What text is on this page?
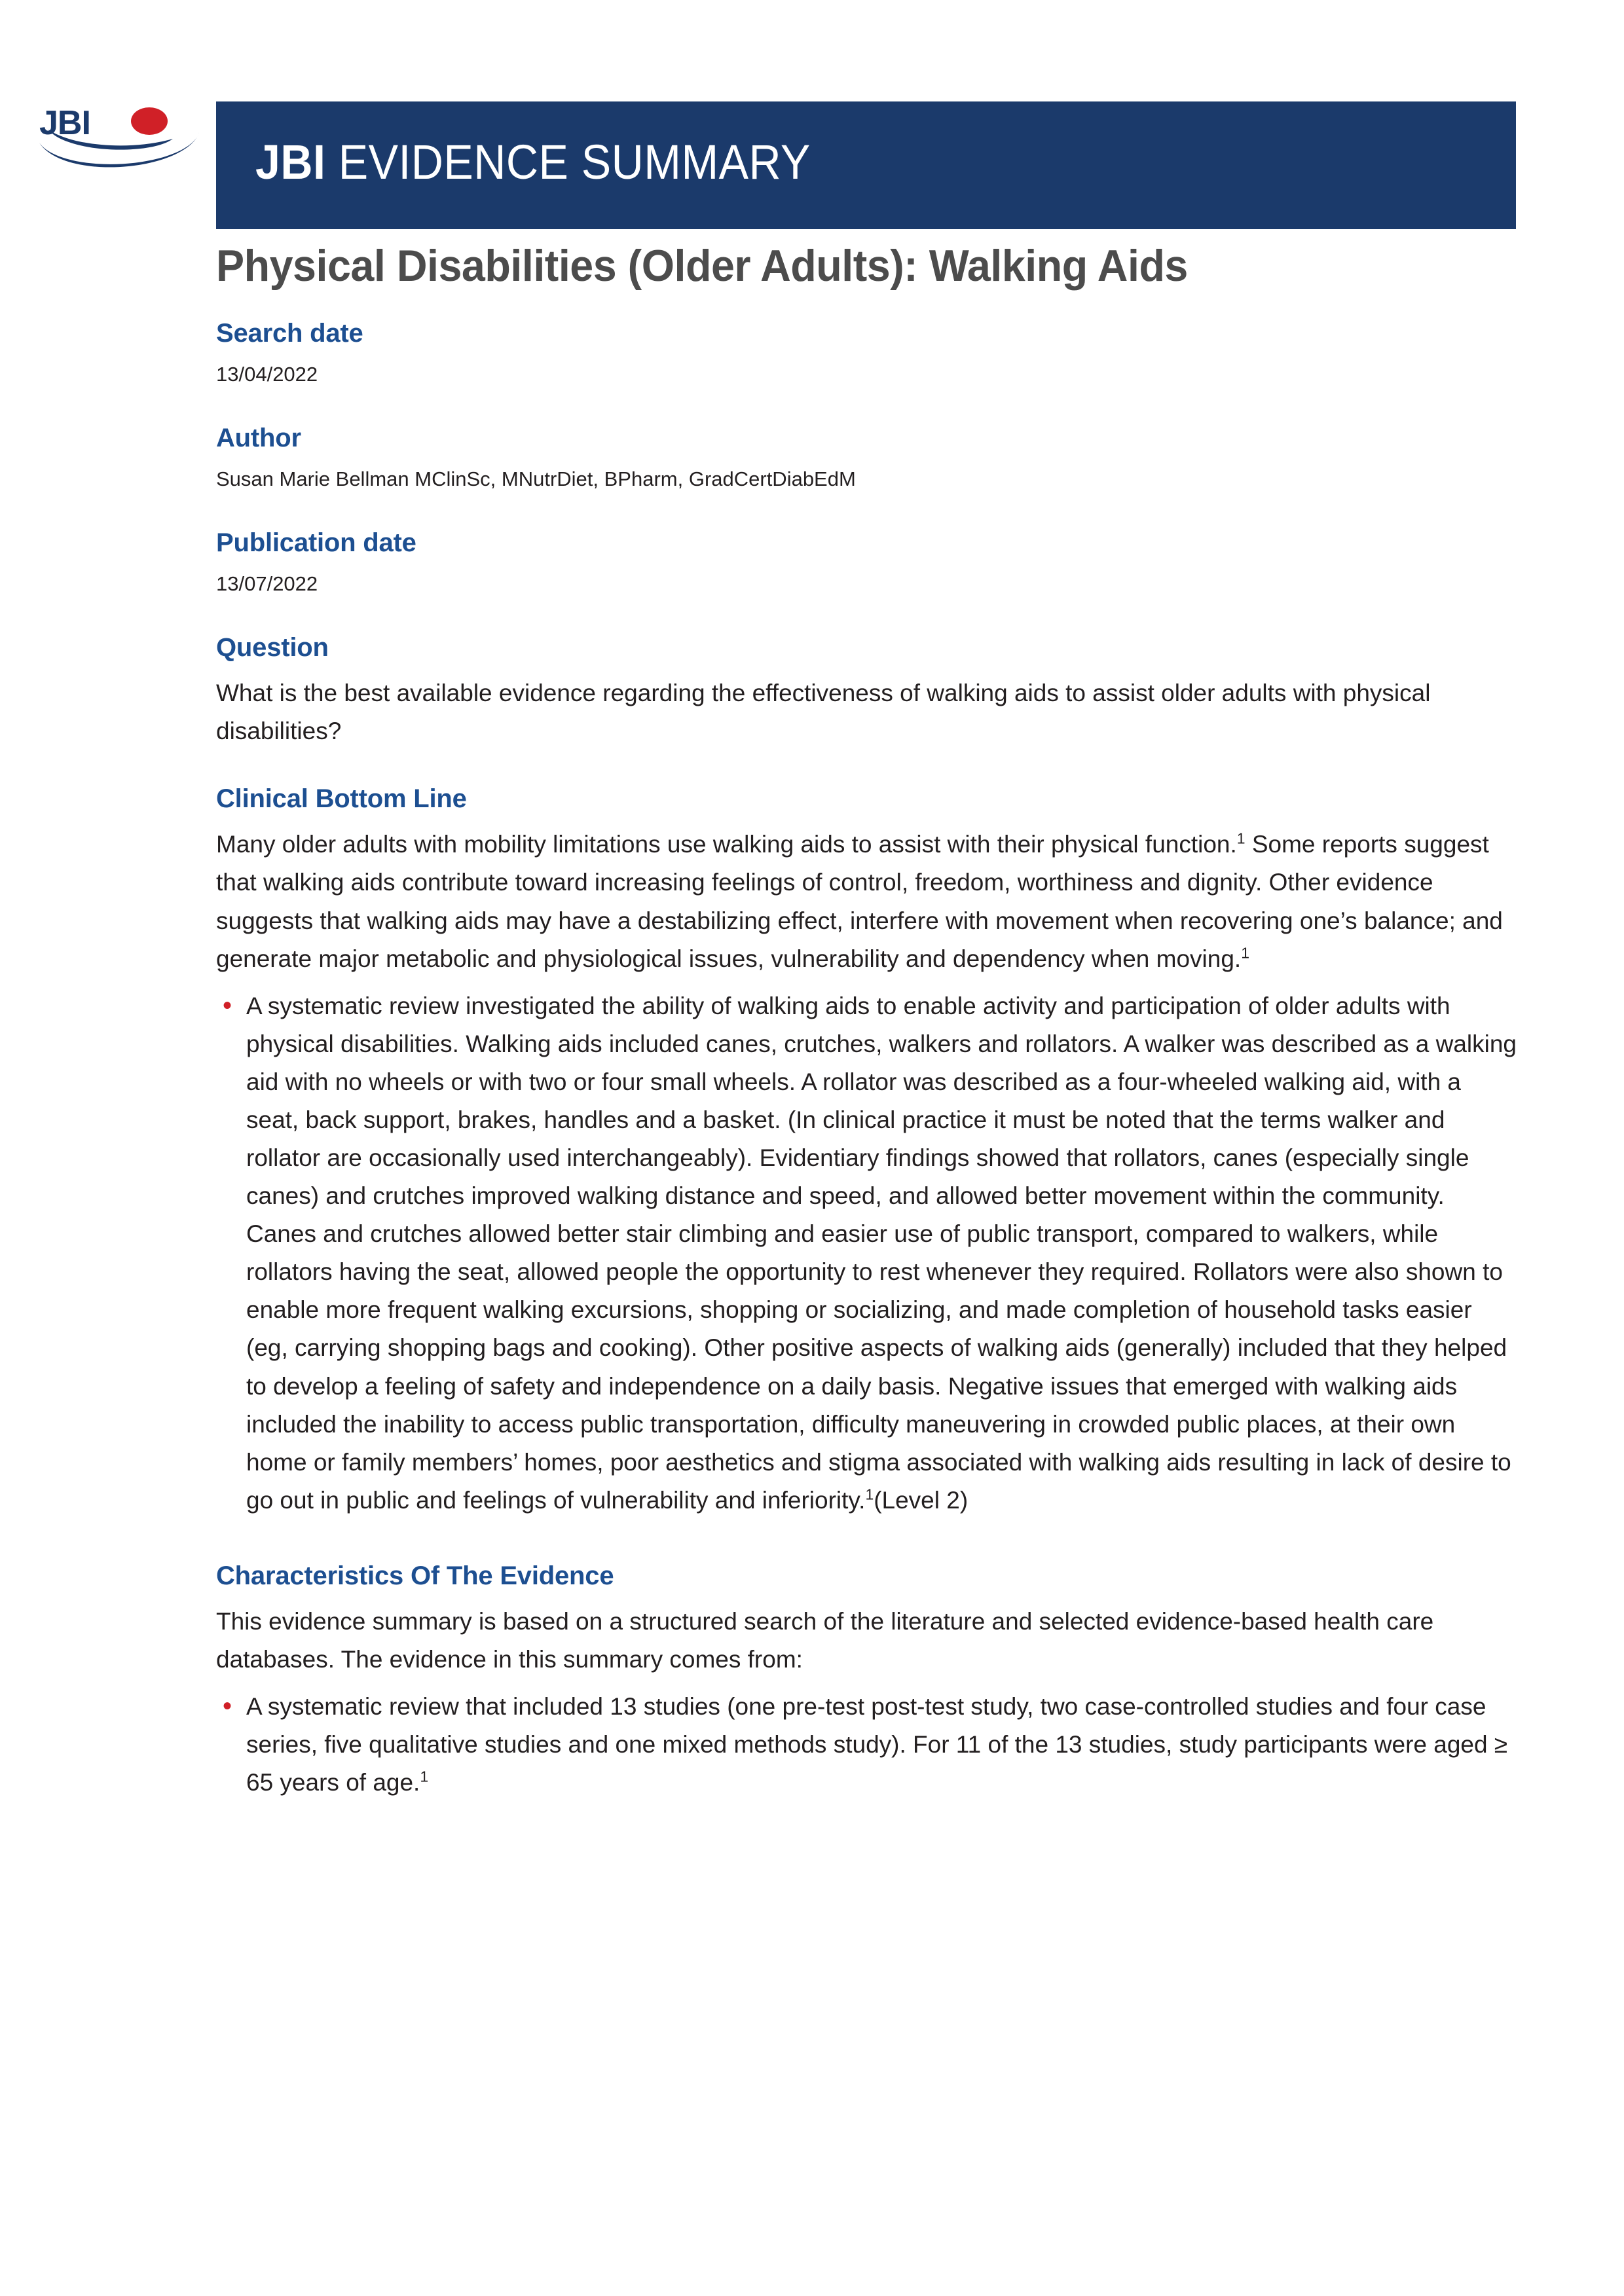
JBI
JBI EVIDENCE SUMMARY
Physical Disabilities (Older Adults): Walking Aids
Search date

13/04/2022

Author

Susan Marie Bellman MClinSc, MNutrDiet, BPharm, GradCertDiabEdM

Publication date

13/07/2022

Question

What is the best available evidence regarding the effectiveness of walking aids to assist older adults with physical disabilities?

Clinical Bottom Line

Many older adults with mobility limitations use walking aids to assist with their physical function.$^1$ Some reports suggest that walking aids contribute toward increasing feelings of control, freedom, worthiness and dignity. Other evidence suggests that walking aids may have a destabilizing effect, interfere with movement when recovering one’s balance; and generate major metabolic and physiological issues, vulnerability and dependency when moving.$^1$

• A systematic review investigated the ability of walking aids to enable activity and participation of older adults with physical disabilities. Walking aids included canes, crutches, walkers and rollators. A walker was described as a walking aid with no wheels or with two or four small wheels. A rollator was described as a four-wheeled walking aid, with a seat, back support, brakes, handles and a basket. (In clinical practice it must be noted that the terms walker and rollator are occasionally used interchangeably). Evidentiary findings showed that rollators, canes (especially single canes) and crutches improved walking distance and speed, and allowed better movement within the community. Canes and crutches allowed better stair climbing and easier use of public transport, compared to walkers, while rollators having the seat, allowed people the opportunity to rest whenever they required. Rollators were also shown to enable more frequent walking excursions, shopping or socializing, and made completion of household tasks easier (eg, carrying shopping bags and cooking). Other positive aspects of walking aids (generally) included that they helped to develop a feeling of safety and independence on a daily basis. Negative issues that emerged with walking aids included the inability to access public transportation, difficulty maneuvering in crowded public places, at their own home or family members’ homes, poor aesthetics and stigma associated with walking aids resulting in lack of desire to go out in public and feelings of vulnerability and inferiority.$^1$(Level 2)
Characteristics Of The Evidence

This evidence summary is based on a structured search of the literature and selected evidence-based health care databases. The evidence in this summary comes from:

• A systematic review that included 13 studies (one pre-test post-test study, two case-controlled studies and four case series, five qualitative studies and one mixed methods study). For 11 of the 13 studies, study participants were aged ≥ 65 years of age.$^1$
